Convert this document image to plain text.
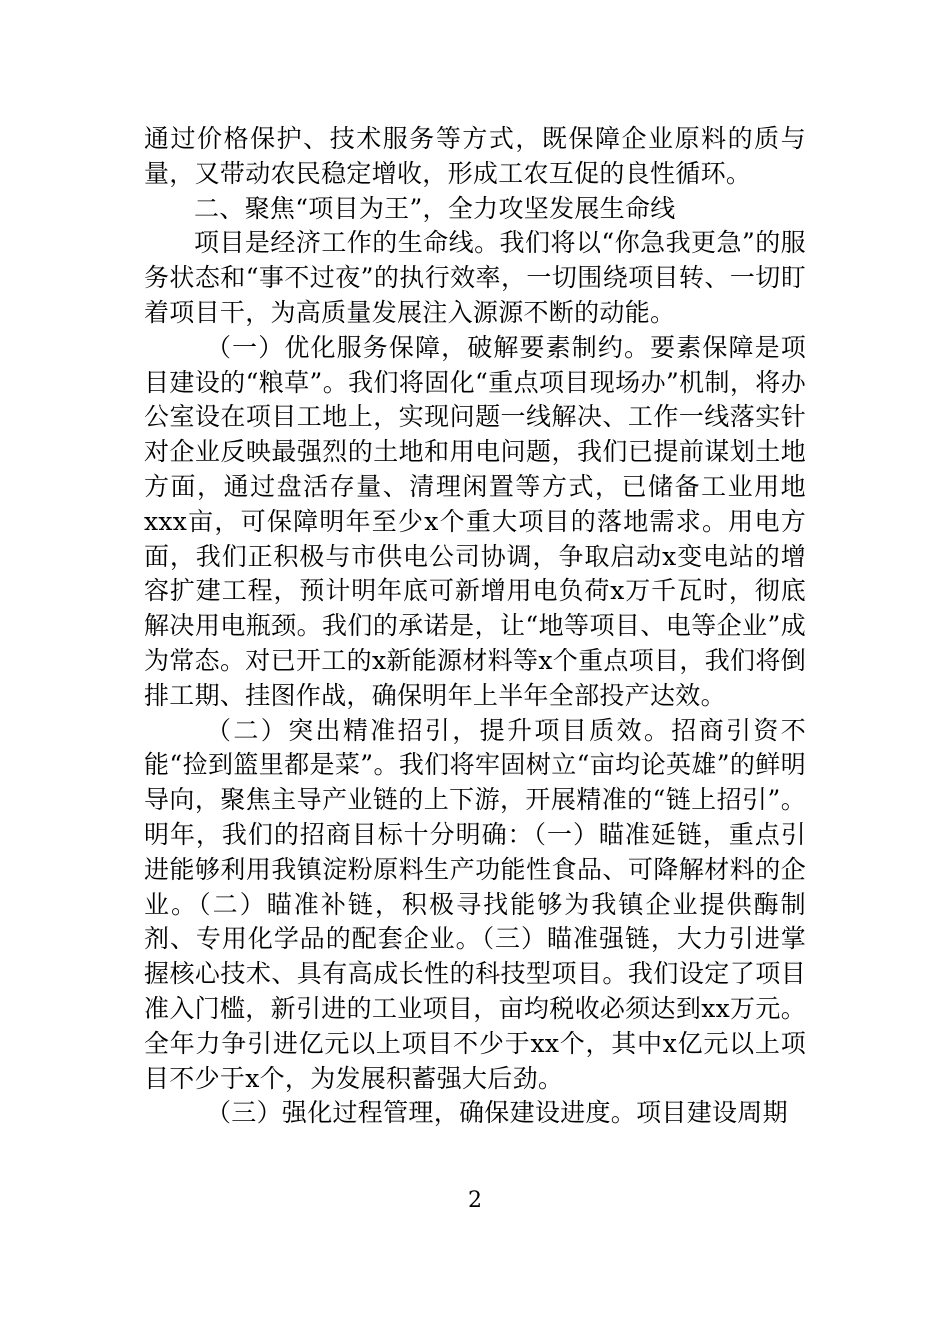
通过价格保护、技术服务等方式，既保障企业原料的质与量，又带动农民稳定增收，形成工农互促的良性循环。

二、聚焦“项目为王”，全力攻坚发展生命线

项目是经济工作的生命线。我们将以“你急我更急”的服务状态和“事不过夜”的执行效率，一切围绕项目转、一切盯着项目干，为高质量发展注入源源不断的动能。

（一）优化服务保障，破解要素制约。要素保障是项目建设的“粮草”。我们将固化“重点项目现场办”机制，将办公室设在项目工地上，实现问题一线解决、工作一线落实针对企业反映最强烈的土地和用电问题，我们已提前谋划土地方面，通过盘活存量、清理闲置等方式，已储备工业用地xxx亩，可保障明年至少x个重大项目的落地需求。用电方面，我们正积极与市供电公司协调，争取启动x变电站的增容扩建工程，预计明年底可新增用电负荷x万千瓦时，彻底解决用电瓶颈。我们的承诺是，让“地等项目、电等企业”成为常态。对已开工的x新能源材料等x个重点项目，我们将倒排工期、挂图作战，确保明年上半年全部投产达效。

（二）突出精准招引，提升项目质效。招商引资不能“捡到篮里都是菜”。我们将牢固树立“亩均论英雄”的鲜明导向，聚焦主导产业链的上下游，开展精准的“链上招引”。明年，我们的招商目标十分明确：（一）瞄准延链，重点引进能够利用我镇淀粉原料生产功能性食品、可降解材料的企业。（二）瞄准补链，积极寻找能够为我镇企业提供酶制剂、专用化学品的配套企业。（三）瞄准强链，大力引进掌握核心技术、具有高成长性的科技型项目。我们设定了项目准入门槛，新引进的工业项目，亩均税收必须达到xx万元。全年力争引进亿元以上项目不少于xx个，其中x亿元以上项目不少于x个，为发展积蓄强大后劲。

（三）强化过程管理，确保建设进度。项目建设周期

2
